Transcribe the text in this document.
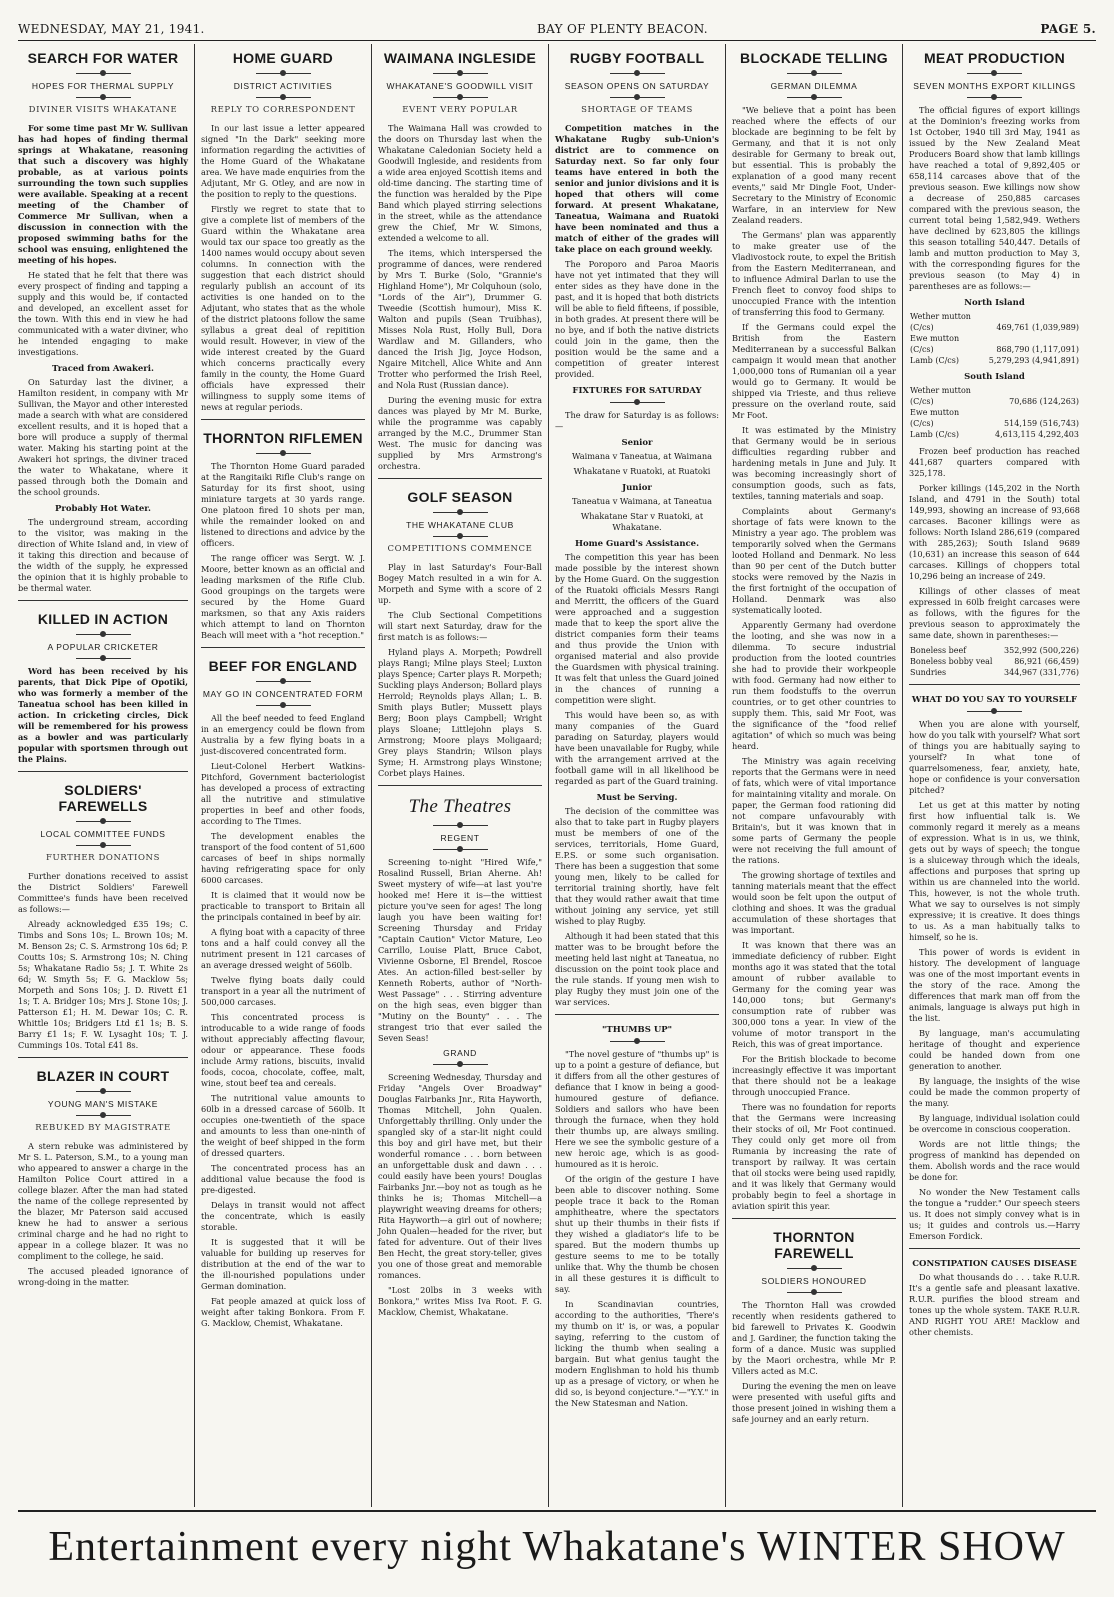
WEDNESDAY, MAY 21, 1941.	BAY OF PLENTY BEACON.	PAGE 5.
SEARCH FOR WATER
HOPES FOR THERMAL SUPPLY
DIVINER VISITS WHAKATANE

For some time past Mr W. Sullivan has had hopes of finding thermal springs at Whakatane, reasoning that such a discovery was highly probable, as at various points surrounding the town such supplies were available. Speaking at a recent meeting of the Chamber of Commerce Mr Sullivan, when a discussion in connection with the proposed swimming baths for the school was ensuing, enlightened the meeting of his hopes.

He stated that he felt that there was every prospect of finding and tapping a supply and this would be, if contacted and developed, an excellent asset for the town. With this end in view he had communicated with a water diviner, who he intended engaging to make investigations.

Traced from Awakeri.

On Saturday last the diviner, a Hamilton resident, in company with Mr Sullivan, the Mayor and other interested made a search with what are considered excellent results, and it is hoped that a bore will produce a supply of thermal water. Making his starting point at the Awakeri hot springs, the diviner traced the water to Whakatane, where it passed through both the Domain and the school grounds.

Probably Hot Water.

The underground stream, according to the visitor, was making in the direction of White Island and, in view of it taking this direction and because of the width of the supply, he expressed the opinion that it is highly probable to be thermal water.

KILLED IN ACTION
A POPULAR CRICKETER

Word has been received by his parents, that Dick Pipe of Opotiki, who was formerly a member of the Taneatua school has been killed in action. In cricketing circles, Dick will be remembered for his prowess as a bowler and was particularly popular with sportsmen through out the Plains.

SOLDIERS' FAREWELLS
LOCAL COMMITTEE FUNDS
FURTHER DONATIONS

Further donations received to assist the District Soldiers' Farewell Committee's funds have been received as follows:—

Already acknowledged £35 19s; C. Timbs and Sons 10s; L. Brown 10s; M. M. Benson 2s; C. S. Armstrong 10s 6d; P. Coutts 10s; S. Armstrong 10s; N. Ching 5s; Whakatane Radio 5s; J. T. White 2s 6d; W. Smyth 5s; F. G. Macklow 5s; Morpeth and Sons 10s; J. D. Rivett £1 1s; T. A. Bridger 10s; Mrs J. Stone 10s; J. Patterson £1; H. M. Dewar 10s; C. R. Whittle 10s; Bridgers Ltd £1 1s; B. S. Barry £1 1s; F. W. Lysaght 10s; T. J. Cummings 10s. Total £41 8s.

BLAZER IN COURT
YOUNG MAN'S MISTAKE
REBUKED BY MAGISTRATE

A stern rebuke was administered by Mr S. L. Paterson, S.M., to a young man who appeared to answer a charge in the Hamilton Police Court attired in a college blazer. After the man had stated the name of the college represented by the blazer, Mr Paterson said accused knew he had to answer a serious criminal charge and he had no right to appear in a college blazer. It was no compliment to the college, he said.

The accused pleaded ignorance of wrong-doing in the matter.

HOME GUARD
DISTRICT ACTIVITIES
REPLY TO CORRESPONDENT

In our last issue a letter appeared signed "In the Dark" seeking more information regarding the activities of the Home Guard of the Whakatane area. We have made enquiries from the Adjutant, Mr G. Otley, and are now in the position to reply to the questions.

Firstly we regret to state that to give a complete list of members of the Guard within the Whakatane area would tax our space too greatly as the 1400 names would occupy about seven columns. In connection with the suggestion that each district should regularly publish an account of its activities is one handed on to the Adjutant, who states that as the whole of the district platoons follow the same syllabus a great deal of repitition would result. However, in view of the wide interest created by the Guard which concerns practically every family in the county, the Home Guard officials have expressed their willingness to supply some items of news at regular periods.

THORNTON RIFLEMEN

The Thornton Home Guard paraded at the Rangitaiki Rifle Club's range on Saturday for its first shoot, using miniature targets at 30 yards range. One platoon fired 10 shots per man, while the remainder looked on and listened to directions and advice by the officers.

The range officer was Sergt. W. J. Moore, better known as an official and leading marksmen of the Rifle Club. Good groupings on the targets were secured by the Home Guard marksmen, so that any Axis raiders which attempt to land on Thornton Beach will meet with a "hot reception."

BEEF FOR ENGLAND
MAY GO IN CONCENTRATED FORM

All the beef needed to feed England in an emergency could be flown from Australia by a few flying boats in a just-discovered concentrated form.

Lieut-Colonel Herbert Watkins-Pitchford, Government bacteriologist has developed a process of extracting all the nutritive and stimulative properties in beef and other foods, according to The Times.

The development enables the transport of the food content of 51,600 carcases of beef in ships normally having refrigerating space for only 6000 carcases.

It is claimed that it would now be practicable to transport to Britain all the principals contained in beef by air.

A flying boat with a capacity of three tons and a half could convey all the nutriment present in 121 carcases of an average dressed weight of 560lb.

Twelve flying boats daily could transport in a year all the nutriment of 500,000 carcases.

This concentrated process is introducable to a wide range of foods without appreciably affecting flavour, odour or appearance. These foods include Army rations, biscuits, invalid foods, cocoa, chocolate, coffee, malt, wine, stout beef tea and cereals.

The nutritional value amounts to 60lb in a dressed carcase of 560lb. It occupies one-twentieth of the space and amounts to less than one-ninth of the weight of beef shipped in the form of dressed quarters.

The concentrated process has an additional value because the food is pre-digested.

Delays in transit would not affect the concentrate, which is easily storable.

It is suggested that it will be valuable for building up reserves for distribution at the end of the war to the ill-nourished populations under German domination.

Fat people amazed at quick loss of weight after taking Bonkora. From F. G. Macklow, Chemist, Whakatane.

WAIMANA INGLESIDE
WHAKATANE'S GOODWILL VISIT
EVENT VERY POPULAR

The Waimana Hall was crowded to the doors on Thursday last when the Whakatane Caledonian Society held a Goodwill Ingleside, and residents from a wide area enjoyed Scottish items and old-time dancing. The starting time of the function was heralded by the Pipe Band which played stirring selections in the street, while as the attendance grew the Chief, Mr W. Simons, extended a welcome to all.

The items, which interspersed the programme of dances, were rendered by Mrs T. Burke (Solo, "Grannie's Highland Home"), Mr Colquhoun (solo, "Lords of the Air"), Drummer G. Tweedie (Scottish humour), Miss K. Walton and pupils (Sean Truibhas), Misses Nola Rust, Holly Bull, Dora Wardlaw and M. Gillanders, who danced the Irish Jig, Joyce Hodson, Ngaire Mitchell, Alice White and Ann Trotter who performed the Irish Reel, and Nola Rust (Russian dance).

During the evening music for extra dances was played by Mr M. Burke, while the programme was capably arranged by the M.C., Drummer Stan West. The music for dancing was supplied by Mrs Armstrong's orchestra.

GOLF SEASON
THE WHAKATANE CLUB
COMPETITIONS COMMENCE

Play in last Saturday's Four-Ball Bogey Match resulted in a win for A. Morpeth and Syme with a score of 2 up.

The Club Sectional Competitions will start next Saturday, draw for the first match is as follows:—

Hyland plays A. Morpeth; Powdrell plays Rangi; Milne plays Steel; Luxton plays Spence; Carter plays R. Morpeth; Suckling plays Anderson; Bollard plays Herrold; Reynolds plays Allan; L. B. Smith plays Butler; Mussett plays Berg; Boon plays Campbell; Wright plays Sloane; Littlejohn plays S. Armstrong; Moore plays Moligaard; Grey plays Standrin; Wilson plays Syme; H. Armstrong plays Winstone; Corbet plays Haines.

The Theatres
REGENT

Screening to-night "Hired Wife," Rosalind Russell, Brian Aherne. Ah! Sweet mystery of wife—at last you're hooked me! Here it is—the wittiest picture you've seen for ages! The long laugh you have been waiting for! Screening Thursday and Friday "Captain Caution" Victor Mature, Leo Carrillo, Louise Platt, Bruce Cabot, Vivienne Osborne, El Brendel, Roscoe Ates. An action-filled best-seller by Kenneth Roberts, author of "North-West Passage" . . . Stirring adventure on the high seas, even bigger than "Mutiny on the Bounty" . . . The strangest trio that ever sailed the Seven Seas!

GRAND

Screening Wednesday, Thursday and Friday "Angels Over Broadway" Douglas Fairbanks Jnr., Rita Hayworth, Thomas Mitchell, John Qualen. Unforgettably thrilling. Only under the spangled sky of a star-lit night could this boy and girl have met, but their wonderful romance . . . born between an unforgettable dusk and dawn . . . could easily have been yours! Douglas Fairbanks Jnr.—boy not as tough as he thinks he is; Thomas Mitchell—a playwright weaving dreams for others; Rita Hayworth—a girl out of nowhere; John Qualen—headed for the river, but fated for adventure. Out of their lives Ben Hecht, the great story-teller, gives you one of those great and memorable romances.

"Lost 20lbs in 3 weeks with Bonkora," writes Miss Iva Root. F. G. Macklow, Chemist, Whakatane.

RUGBY FOOTBALL
SEASON OPENS ON SATURDAY
SHORTAGE OF TEAMS

Competition matches in the Whakatane Rugby sub-Union's district are to commence on Saturday next. So far only four teams have entered in both the senior and junior divisions and it is hoped that others will come forward. At present Whakatane, Taneatua, Waimana and Ruatoki have been nominated and thus a match of either of the grades will take place on each ground weekly.

The Poroporo and Paroa Maoris have not yet intimated that they will enter sides as they have done in the past, and it is hoped that both districts will be able to field fifteens, if possible, in both grades. At present there will be no bye, and if both the native districts could join in the game, then the position would be the same and a competition of greater interest provided.

FIXTURES FOR SATURDAY

The draw for Saturday is as follows:—

Senior

Waimana v Taneatua, at Waimana

Whakatane v Ruatoki, at Ruatoki

Junior

Taneatua v Waimana, at Taneatua

Whakatane Star v Ruatoki, at Whakatane.

Home Guard's Assistance.

The competition this year has been made possible by the interest shown by the Home Guard. On the suggestion of the Ruatoki officials Messrs Rangi and Merritt, the officers of the Guard were approached and a suggestion made that to keep the sport alive the district companies form their teams and thus provide the Union with organised material and also provide the Guardsmen with physical training. It was felt that unless the Guard joined in the chances of running a competition were slight.

This would have been so, as with many companies of the Guard parading on Saturday, players would have been unavailable for Rugby, while with the arrangement arrived at the football game will in all likelihood be regarded as part of the Guard training.

Must be Serving.

The decision of the committee was also that to take part in Rugby players must be members of one of the services, territorials, Home Guard, E.P.S. or some such organisation. There has been a suggestion that some young men, likely to be called for territorial training shortly, have felt that they would rather await that time without joining any service, yet still wished to play Rugby.

Although it had been stated that this matter was to be brought before the meeting held last night at Taneatua, no discussion on the point took place and the rule stands. If young men wish to play Rugby they must join one of the war services.

"THUMBS UP"

"The novel gesture of "thumbs up" is up to a point a gesture of defiance, but it differs from all the other gestures of defiance that I know in being a good-humoured gesture of defiance. Soldiers and sailors who have been through the furnace, when they hold their thumbs up, are always smiling. Here we see the symbolic gesture of a new heroic age, which is as good-humoured as it is heroic.

Of the origin of the gesture I have been able to discover nothing. Some people trace it back to the Roman amphitheatre, where the spectators shut up their thumbs in their fists if they wished a gladiator's life to be spared. But the modern thumbs up gesture seems to me to be totally unlike that. Why the thumb be chosen in all these gestures it is difficult to say.

In Scandinavian countries, according to the authorities, 'There's my thumb on it' is, or was, a popular saying, referring to the custom of licking the thumb when sealing a bargain. But what genius taught the modern Englishman to hold his thumb up as a presage of victory, or when he did so, is beyond conjecture."—"Y.Y." in the New Statesman and Nation.

BLOCKADE TELLING
GERMAN DILEMMA

"We believe that a point has been reached where the effects of our blockade are beginning to be felt by Germany, and that it is not only desirable for Germany to break out, but essential. This is probably the explanation of a good many recent events," said Mr Dingle Foot, Under-Secretary to the Ministry of Economic Warfare, in an interview for New Zealand readers.

The Germans' plan was apparently to make greater use of the Vladivostock route, to expel the British from the Eastern Mediterranean, and to influence Admiral Darlan to use the French fleet to convoy food ships to unoccupied France with the intention of transferring this food to Germany.

If the Germans could expel the British from the Eastern Mediterranean by a successful Balkan campaign it would mean that another 1,000,000 tons of Rumanian oil a year would go to Germany. It would be shipped via Trieste, and thus relieve pressure on the overland route, said Mr Foot.

It was estimated by the Ministry that Germany would be in serious difficulties regarding rubber and hardening metals in June and July. It was becoming increasingly short of consumption goods, such as fats, textiles, tanning materials and soap.

Complaints about Germany's shortage of fats were known to the Ministry a year ago. The problem was temporarily solved when the Germans looted Holland and Denmark. No less than 90 per cent of the Dutch butter stocks were removed by the Nazis in the first fortnight of the occupation of Holland. Denmark was also systematically looted.

Apparently Germany had overdone the looting, and she was now in a dilemma. To secure industrial production from the looted countries she had to provide their workpeople with food. Germany had now either to run them foodstuffs to the overrun countries, or to get other countries to supply them. This, said Mr Foot, was the significance of the "food relief agitation" of which so much was being heard.

The Ministry was again receiving reports that the Germans were in need of fats, which were of vital importance for maintaining vitality and morale. On paper, the German food rationing did not compare unfavourably with Britain's, but it was known that in some parts of Germany the people were not receiving the full amount of the rations.

The growing shortage of textiles and tanning materials meant that the effect would soon be felt upon the output of clothing and shoes. It was the gradual accumulation of these shortages that was important.

It was known that there was an immediate deficiency of rubber. Eight months ago it was stated that the total amount of rubber available to Germany for the coming year was 140,000 tons; but Germany's consumption rate of rubber was 300,000 tons a year. In view of the volume of motor transport in the Reich, this was of great importance.

For the British blockade to become increasingly effective it was important that there should not be a leakage through unoccupied France.

There was no foundation for reports that the Germans were increasing their stocks of oil, Mr Foot continued. They could only get more oil from Rumania by increasing the rate of transport by railway. It was certain that oil stocks were being used rapidly, and it was likely that Germany would probably begin to feel a shortage in aviation spirit this year.

THORNTON FAREWELL
SOLDIERS HONOURED

The Thornton Hall was crowded recently when residents gathered to bid farewell to Privates K. Goodwin and J. Gardiner, the function taking the form of a dance. Music was supplied by the Maori orchestra, while Mr P. Villers acted as M.C.

During the evening the men on leave were presented with useful gifts and those present joined in wishing them a safe journey and an early return.

MEAT PRODUCTION
SEVEN MONTHS EXPORT KILLINGS

The official figures of export killings at the Dominion's freezing works from 1st October, 1940 till 3rd May, 1941 as issued by the New Zealand Meat Producers Board show that lamb killings have reached a total of 9,892,405 or 658,114 carcases above that of the previous season. Ewe killings now show a decrease of 250,885 carcases compared with the previous season, the current total being 1,582,949. Wethers have declined by 623,805 the killings this season totalling 540,447. Details of lamb and mutton production to May 3, with the corresponding figures for the previous season (to May 4) in parentheses are as follows:—

North Island
Wether mutton	
(C/cs)	469,761 (1,039,989)
Ewe mutton	
(C/cs)	868,790 (1,117,091)
Lamb (C/cs)	5,279,293 (4,941,891)
South Island
Wether mutton	
(C/cs)	70,686 (124,263)
Ewe mutton	
(C/cs)	514,159 (516,743)
Lamb (C/cs)	4,613,115 4,292,403

Frozen beef production has reached 441,687 quarters compared with 325,178.

Porker killings (145,202 in the North Island, and 4791 in the South) total 149,993, showing an increase of 93,668 carcases. Baconer killings were as follows: North Island 286,619 (compared with 285,263); South Island 9689 (10,631) an increase this season of 644 carcases. Killings of choppers total 10,296 being an increase of 249.

Killings of other classes of meat expressed in 60lb freight carcases were as follows, with the figures for the previous season to approximately the same date, shown in parentheses:—

Boneless beef	352,992 (500,226)
Boneless bobby veal	86,921 (66,459)
Sundries	344,967 (331,776)
WHAT DO YOU SAY TO YOURSELF

When you are alone with yourself, how do you talk with yourself? What sort of things you are habitually saying to yourself? In what tone of quarrelsomeness, fear, anxiety, hate, hope or confidence is your conversation pitched?

Let us get at this matter by noting first how influential talk is. We commonly regard it merely as a means of expression. What is in us, we think, gets out by ways of speech; the tongue is a sluiceway through which the ideals, affections and purposes that spring up within us are channeled into the world. This, however, is not the whole truth. What we say to ourselves is not simply expressive; it is creative. It does things to us. As a man habitually talks to himself, so he is.

This power of words is evident in history. The development of language was one of the most important events in the story of the race. Among the differences that mark man off from the animals, language is always put high in the list.

By language, man's accumulating heritage of thought and experience could be handed down from one generation to another.

By language, the insights of the wise could be made the common property of the many.

By language, individual isolation could be overcome in conscious cooperation.

Words are not little things; the progress of mankind has depended on them. Abolish words and the race would be done for.

No wonder the New Testament calls the tongue a "rudder." Our speech steers us. It does not simply convey what is in us; it guides and controls us.—Harry Emerson Fordick.

CONSTIPATION CAUSES DISEASE

Do what thousands do . . . take R.U.R. It's a gentle safe and pleasant laxative. R.U.R. purifies the blood stream and tones up the whole system. TAKE R.U.R. AND RIGHT YOU ARE! Macklow and other chemists.

Entertainment every night Whakatane's WINTER SHOW
